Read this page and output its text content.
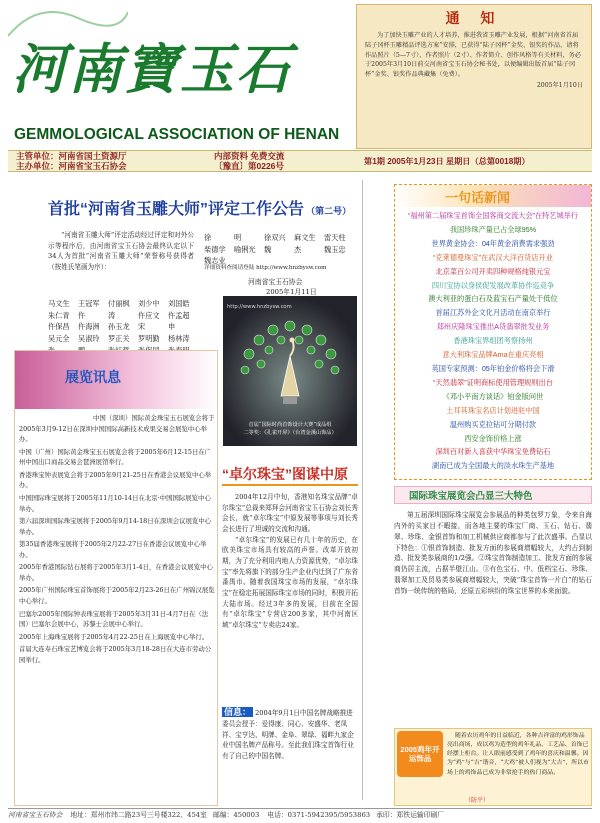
河南寶玉石
GEMMOLOGICAL ASSOCIATION OF HENAN
通 知

为了加快玉雕产业的人才培养，推进我省玉雕产业发展，根据“河南省首届陆子冈杯玉雕精品评选方案”安排，已获得“陆子冈杯”金奖、银奖的作品，请将作品照片（5—7寸）、作者照片（2寸）、作者简介、创作风格等有关材料，务必于2005年3月10日前交河南省宝玉石协会秘书处，以便编辑出版首届“陆子冈杯”金奖、银奖作品典藏集（免费）。

2005年1月10日

主管单位：河南省国土资源厅
主办单位：河南省宝玉石协会
内部资料 免费交流
〔豫直〕第0226号	第1期 2005年1月23日 星期日（总第0018期）
首批“河南省玉雕大师”评定工作公告 （第二号）
“河南省玉雕大师”评定活动经过评定和对外公示等程序后，由河南省宝玉石协会最终认定以下34人为首批“河南省玉雕大师”荣誉称号获得者（按姓氏笔画为序）：
马文生 王冠军 付丽枫 刘少中 刘国皓朱仁青 仵	涛	仵应文 仵孟超仵保昌 仵海洲 孙玉龙 宋	申吴元全 吴淑玲 罗正关 罗明勤 杨林涛
徐	明	徐双兴 麻文生 雷天柱柴德学 喻俐光 魏	杰	魏玉忠魏志业
详细资料查阅请登陆 http://www.hnzbysw.com
河南省宝玉石协会
2005年1月11日
http://www.hnzbysw.com
首届“国际时尚首饰设计大赛”成品组
二等奖：《孔雀开屏》（台湾金溪山饰品）
展览讯息
中国（深圳）国际黄金珠宝玉石展览会将于2005年3月9-12日在深圳中国国际高新技术成果交易会展览中心举办。
中国（广州）国际黄金珠宝玉石展览会将于2005年6月12-15日在广州中国出口商品交易会琶洲展馆举行。
香港珠宝钟表展览会将于2005年9月21-25日在香港会议展览中心举办。
中国国际珠宝展将于2005年11月10-14日在北京·中国国际展览中心举办。
第六届深圳国际珠宝展将于2005年9月14-18日在深圳会议展览中心举办。
第35届香港珠宝展将于2005年2月22-27日在香港会议展览中心举办。
2005年香港国际钻石展将于2005年3月1-4日，在香港会议展览中心举办。
2005年广州国际珠宝首饰展将于2005年2月23-26日在广州锦汉展览中心举行。
巴塞尔2005年国际钟表珠宝展将于2005年3月31日-4月7日在（法国）巴塞尔会展中心，苏黎士会展中心举行。
2005年上海珠宝展将于2005年4月22-25日在上海展览中心举行。
首届大连寿石珠宝艺博览会将于2005年3月18-28日在大连市劳动公园举行。
“卓尔珠宝”图谋中原
2004年12月中旬，香港知名珠宝品牌“卓尔珠宝”总裁来郑拜会河南省宝玉石协会刘长秀会长，就“卓尔珠宝”中原发展等事项与刘长秀会长进行了坦诚的交流和沟通。
“卓尔珠宝”的发展已有几十年的历史，在欧美珠宝市场具有较高的声誉。改革开放初期，为了充分利用内地人力资源优势，“卓尔珠宝”率先将旗下的部分生产企业内迁到了广东省番禺市。随着我国珠宝市场的发展，“卓尔珠宝”在稳定拓展国际珠宝市场的同时，积极开拓大陆市场。经过3年多的发展，目前在全国有“卓尔珠宝”专营店200多家，其中河南区域“卓尔珠宝”专卖店24家。
信息： 2004年9月1日中国名牌战略推进委员会授予：爱得康、同心、安盛华、老凤祥、宝亨达、明牌、金阜、翠绿、福畔九家企业中国名牌产品称号。至此我们珠宝首饰行业有了自己的中国名牌。
一句话新闻
“福州第二届珠宝首饰全国客商交流大会”在特艺城举行
我国珍珠产量已占全球95%
世界黄金协会：04年黄金消费需求强劲
“克莱德曼珠宝”在武汉大洋百货店开业
北京菜百公司开卖四种规格纯银元宝
四川宝协以身侯促发展改革协作巡竞争
澳大利亚的蛋白石及蓝宝石产量处于低位
首届江苏外企文化月活动在南京举行
郑州庆隆珠宝推出A货翡翠批发业务
香港珠宝界组团考察扬州
意大利珠宝品牌Ama在重庆亮相
英国专家预测：05年铂金价格将会下滑
“天然翡翠”证明商标使用管理规则出台
《邓小平南方谈话》铂金版问世
土耳其珠宝名店计划进驻中国
温州购买克拉钻可分期付款
西安金饰价格上涨
深圳百对新人喜获中华珠宝免费钻石
湖南已成为全国最大的淡水珠生产基地
国际珠宝展览会凸显三大特色
第五届深圳国际珠宝展览会参展品的种类包罗万象，令来自海内外的买家目不暇接，而各地主要的珠宝厂商、玉石、钻石、翡翠、珍珠、金银首饰和加工机械供应商都参与了此次盛事。凸显以下特色：①银首饰制造、批发方面的参展商增幅较大，大约占到制造、批发类参展商的1/2强。②珠宝首饰制造加工、批发方面的参展商仍居主流，占据半壁江山。③有色宝石、中、低档宝石、珍珠、翡翠加工及贸易类参展商增幅较大，突破“珠宝首饰一片白”的钻石首饰一统传统的格局，还原五彩缤纷的珠宝世界的本来面貌。
2005鸡年开运饰品
随着农历鸡年的日益临近，各种吉祥富的鸡形饰品亮出商场，成以鸡为造型的鸡年礼品、工艺品、首饰已经摆上柜台。让人眼前感受到了鸡年的喜庆和温馨。因为“鸡”与“吉”谐音，“大鸡”被人们视为“大吉”，所以市场上的鸡饰品已成为非常抢手的热门商品。
（防平）
河南省宝玉石协会 地址：郑州市纬二路23号三号楼322、454室 邮编：450003 电话：0371-5942395/5953863 承印：郑铁运输印刷厂
